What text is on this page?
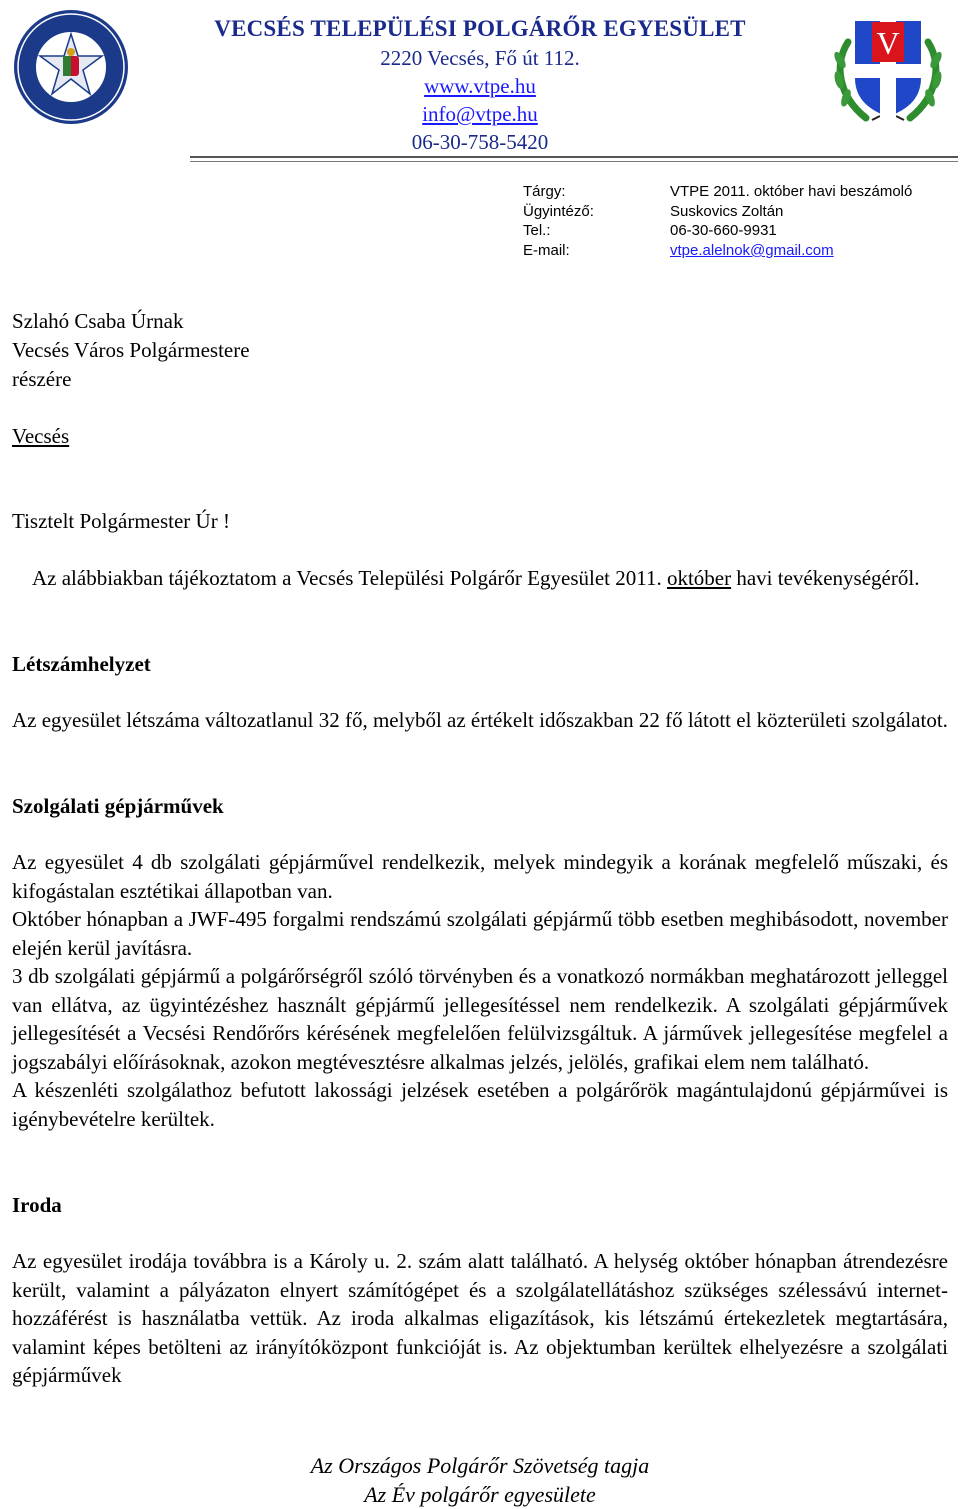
VECSÉS TELEPÜLÉSI POLGÁRŐR EGYESÜLET
2220 Vecsés, Fő út 112.
www.vtpe.hu
info@vtpe.hu
06-30-758-5420
V
Tárgy:	VTPE 2011. október havi beszámoló
Ügyintéző:	Suskovics Zoltán
Tel.:	06-30-660-9931
E-mail:	vtpe.alelnok@gmail.com
Szlahó Csaba Úrnak
Vecsés Város Polgármestere
részére
Vecsés
Tisztelt Polgármester Úr !
Az alábbiakban tájékoztatom a Vecsés Települési Polgárőr Egyesület 2011. október havi tevékenységéről.
Létszámhelyzet
Az egyesület létszáma változatlanul 32 fő, melyből az értékelt időszakban 22 fő látott el közterületi szolgálatot.
Szolgálati gépjárművek
Az egyesület 4 db szolgálati gépjárművel rendelkezik, melyek mindegyik a korának megfelelő műszaki, és kifogástalan esztétikai állapotban van.
Október hónapban a JWF-495 forgalmi rendszámú szolgálati gépjármű több esetben meghibásodott, november elején kerül javításra.
3 db szolgálati gépjármű a polgárőrségről szóló törvényben és a vonatkozó normákban meghatározott jelleggel van ellátva, az ügyintézéshez használt gépjármű jellegesítéssel nem rendelkezik. A szolgálati gépjárművek jellegesítését a Vecsési Rendőrőrs kérésének megfelelően felülvizsgáltuk. A járművek jellegesítése megfelel a jogszabályi előírásoknak, azokon megtévesztésre alkalmas jelzés, jelölés, grafikai elem nem található.
A készenléti szolgálathoz befutott lakossági jelzések esetében a polgárőrök magántulajdonú gépjárművei is igénybevételre kerültek.
Iroda
Az egyesület irodája továbbra is a Károly u. 2. szám alatt található. A helység október hónapban átrendezésre került, valamint a pályázaton elnyert számítógépet és a szolgálatellátáshoz szükséges szélessávú internet-hozzáférést is használatba vettük. Az iroda alkalmas eligazítások, kis létszámú értekezletek megtartására, valamint képes betölteni az irányítóközpont funkcióját is. Az objektumban kerültek elhelyezésre a szolgálati gépjárművek
Az Országos Polgárőr Szövetség tagja
Az Év polgárőr egyesülete
